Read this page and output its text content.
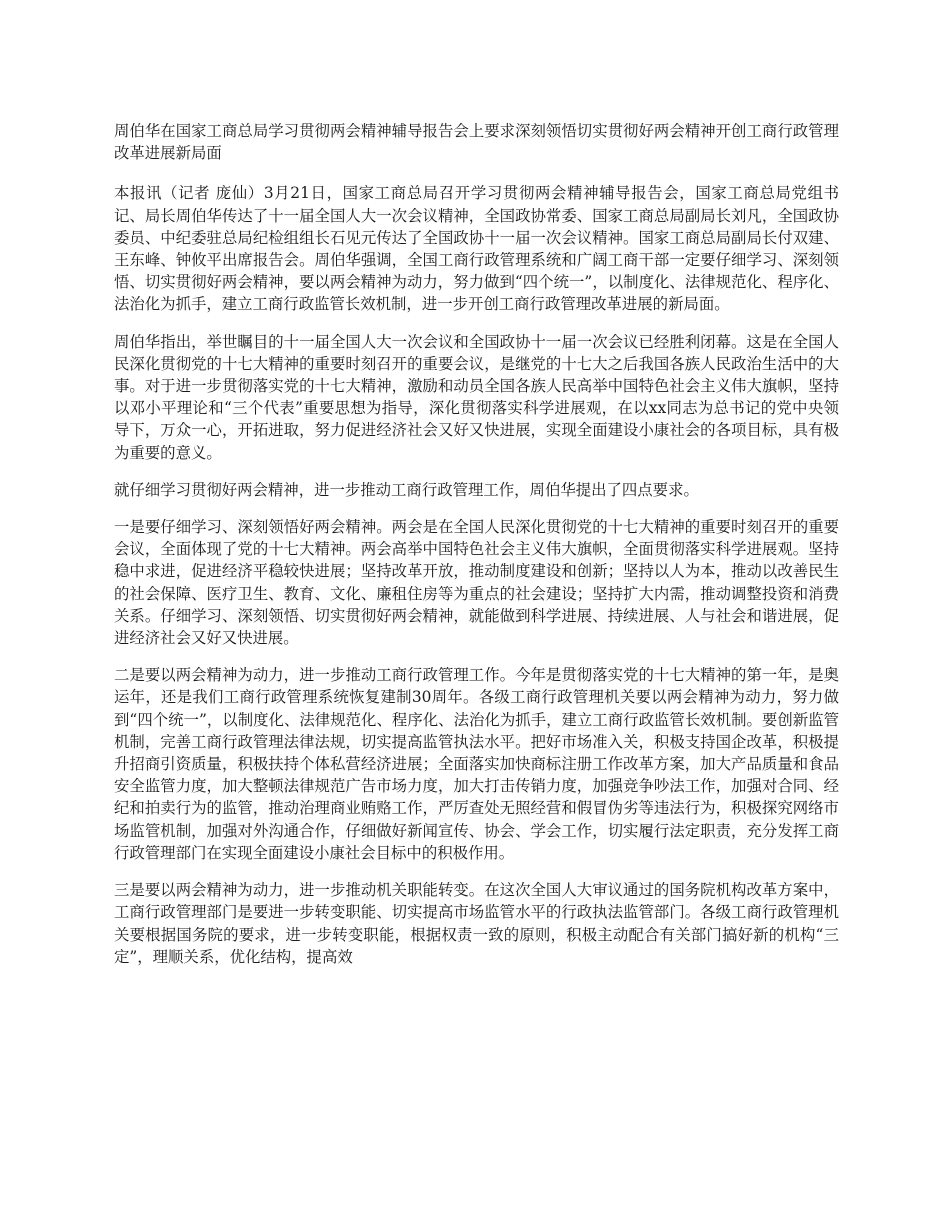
周伯华在国家工商总局学习贯彻两会精神辅导报告会上要求深刻领悟切实贯彻好两会精神开创工商行政管理改革进展新局面

本报讯（记者 庞仙）3月21日，国家工商总局召开学习贯彻两会精神辅导报告会，国家工商总局党组书记、局长周伯华传达了十一届全国人大一次会议精神，全国政协常委、国家工商总局副局长刘凡，全国政协委员、中纪委驻总局纪检组组长石见元传达了全国政协十一届一次会议精神。国家工商总局副局长付双建、王东峰、钟攸平出席报告会。周伯华强调，全国工商行政管理系统和广阔工商干部一定要仔细学习、深刻领悟、切实贯彻好两会精神，要以两会精神为动力，努力做到“四个统一”，以制度化、法律规范化、程序化、法治化为抓手，建立工商行政监管长效机制，进一步开创工商行政管理改革进展的新局面。

周伯华指出，举世瞩目的十一届全国人大一次会议和全国政协十一届一次会议已经胜利闭幕。这是在全国人民深化贯彻党的十七大精神的重要时刻召开的重要会议，是继党的十七大之后我国各族人民政治生活中的大事。对于进一步贯彻落实党的十七大精神，激励和动员全国各族人民高举中国特色社会主义伟大旗帜，坚持以邓小平理论和“三个代表”重要思想为指导，深化贯彻落实科学进展观，在以xx同志为总书记的党中央领导下，万众一心，开拓进取，努力促进经济社会又好又快进展，实现全面建设小康社会的各项目标，具有极为重要的意义。

就仔细学习贯彻好两会精神，进一步推动工商行政管理工作，周伯华提出了四点要求。

一是要仔细学习、深刻领悟好两会精神。两会是在全国人民深化贯彻党的十七大精神的重要时刻召开的重要会议，全面体现了党的十七大精神。两会高举中国特色社会主义伟大旗帜，全面贯彻落实科学进展观。坚持稳中求进，促进经济平稳较快进展；坚持改革开放，推动制度建设和创新；坚持以人为本，推动以改善民生的社会保障、医疗卫生、教育、文化、廉租住房等为重点的社会建设；坚持扩大内需，推动调整投资和消费关系。仔细学习、深刻领悟、切实贯彻好两会精神，就能做到科学进展、持续进展、人与社会和谐进展，促进经济社会又好又快进展。

二是要以两会精神为动力，进一步推动工商行政管理工作。今年是贯彻落实党的十七大精神的第一年，是奥运年，还是我们工商行政管理系统恢复建制30周年。各级工商行政管理机关要以两会精神为动力，努力做到“四个统一”，以制度化、法律规范化、程序化、法治化为抓手，建立工商行政监管长效机制。要创新监管机制，完善工商行政管理法律法规，切实提高监管执法水平。把好市场准入关，积极支持国企改革，积极提升招商引资质量，积极扶持个体私营经济进展；全面落实加快商标注册工作改革方案，加大产品质量和食品安全监管力度，加大整顿法律规范广告市场力度，加大打击传销力度，加强竞争吵法工作，加强对合同、经纪和拍卖行为的监管，推动治理商业贿赂工作，严厉查处无照经营和假冒伪劣等违法行为，积极探究网络市场监管机制，加强对外沟通合作，仔细做好新闻宣传、协会、学会工作，切实履行法定职责，充分发挥工商行政管理部门在实现全面建设小康社会目标中的积极作用。

三是要以两会精神为动力，进一步推动机关职能转变。在这次全国人大审议通过的国务院机构改革方案中，工商行政管理部门是要进一步转变职能、切实提高市场监管水平的行政执法监管部门。各级工商行政管理机关要根据国务院的要求，进一步转变职能，根据权责一致的原则，积极主动配合有关部门搞好新的机构“三定”，理顺关系，优化结构，提高效
